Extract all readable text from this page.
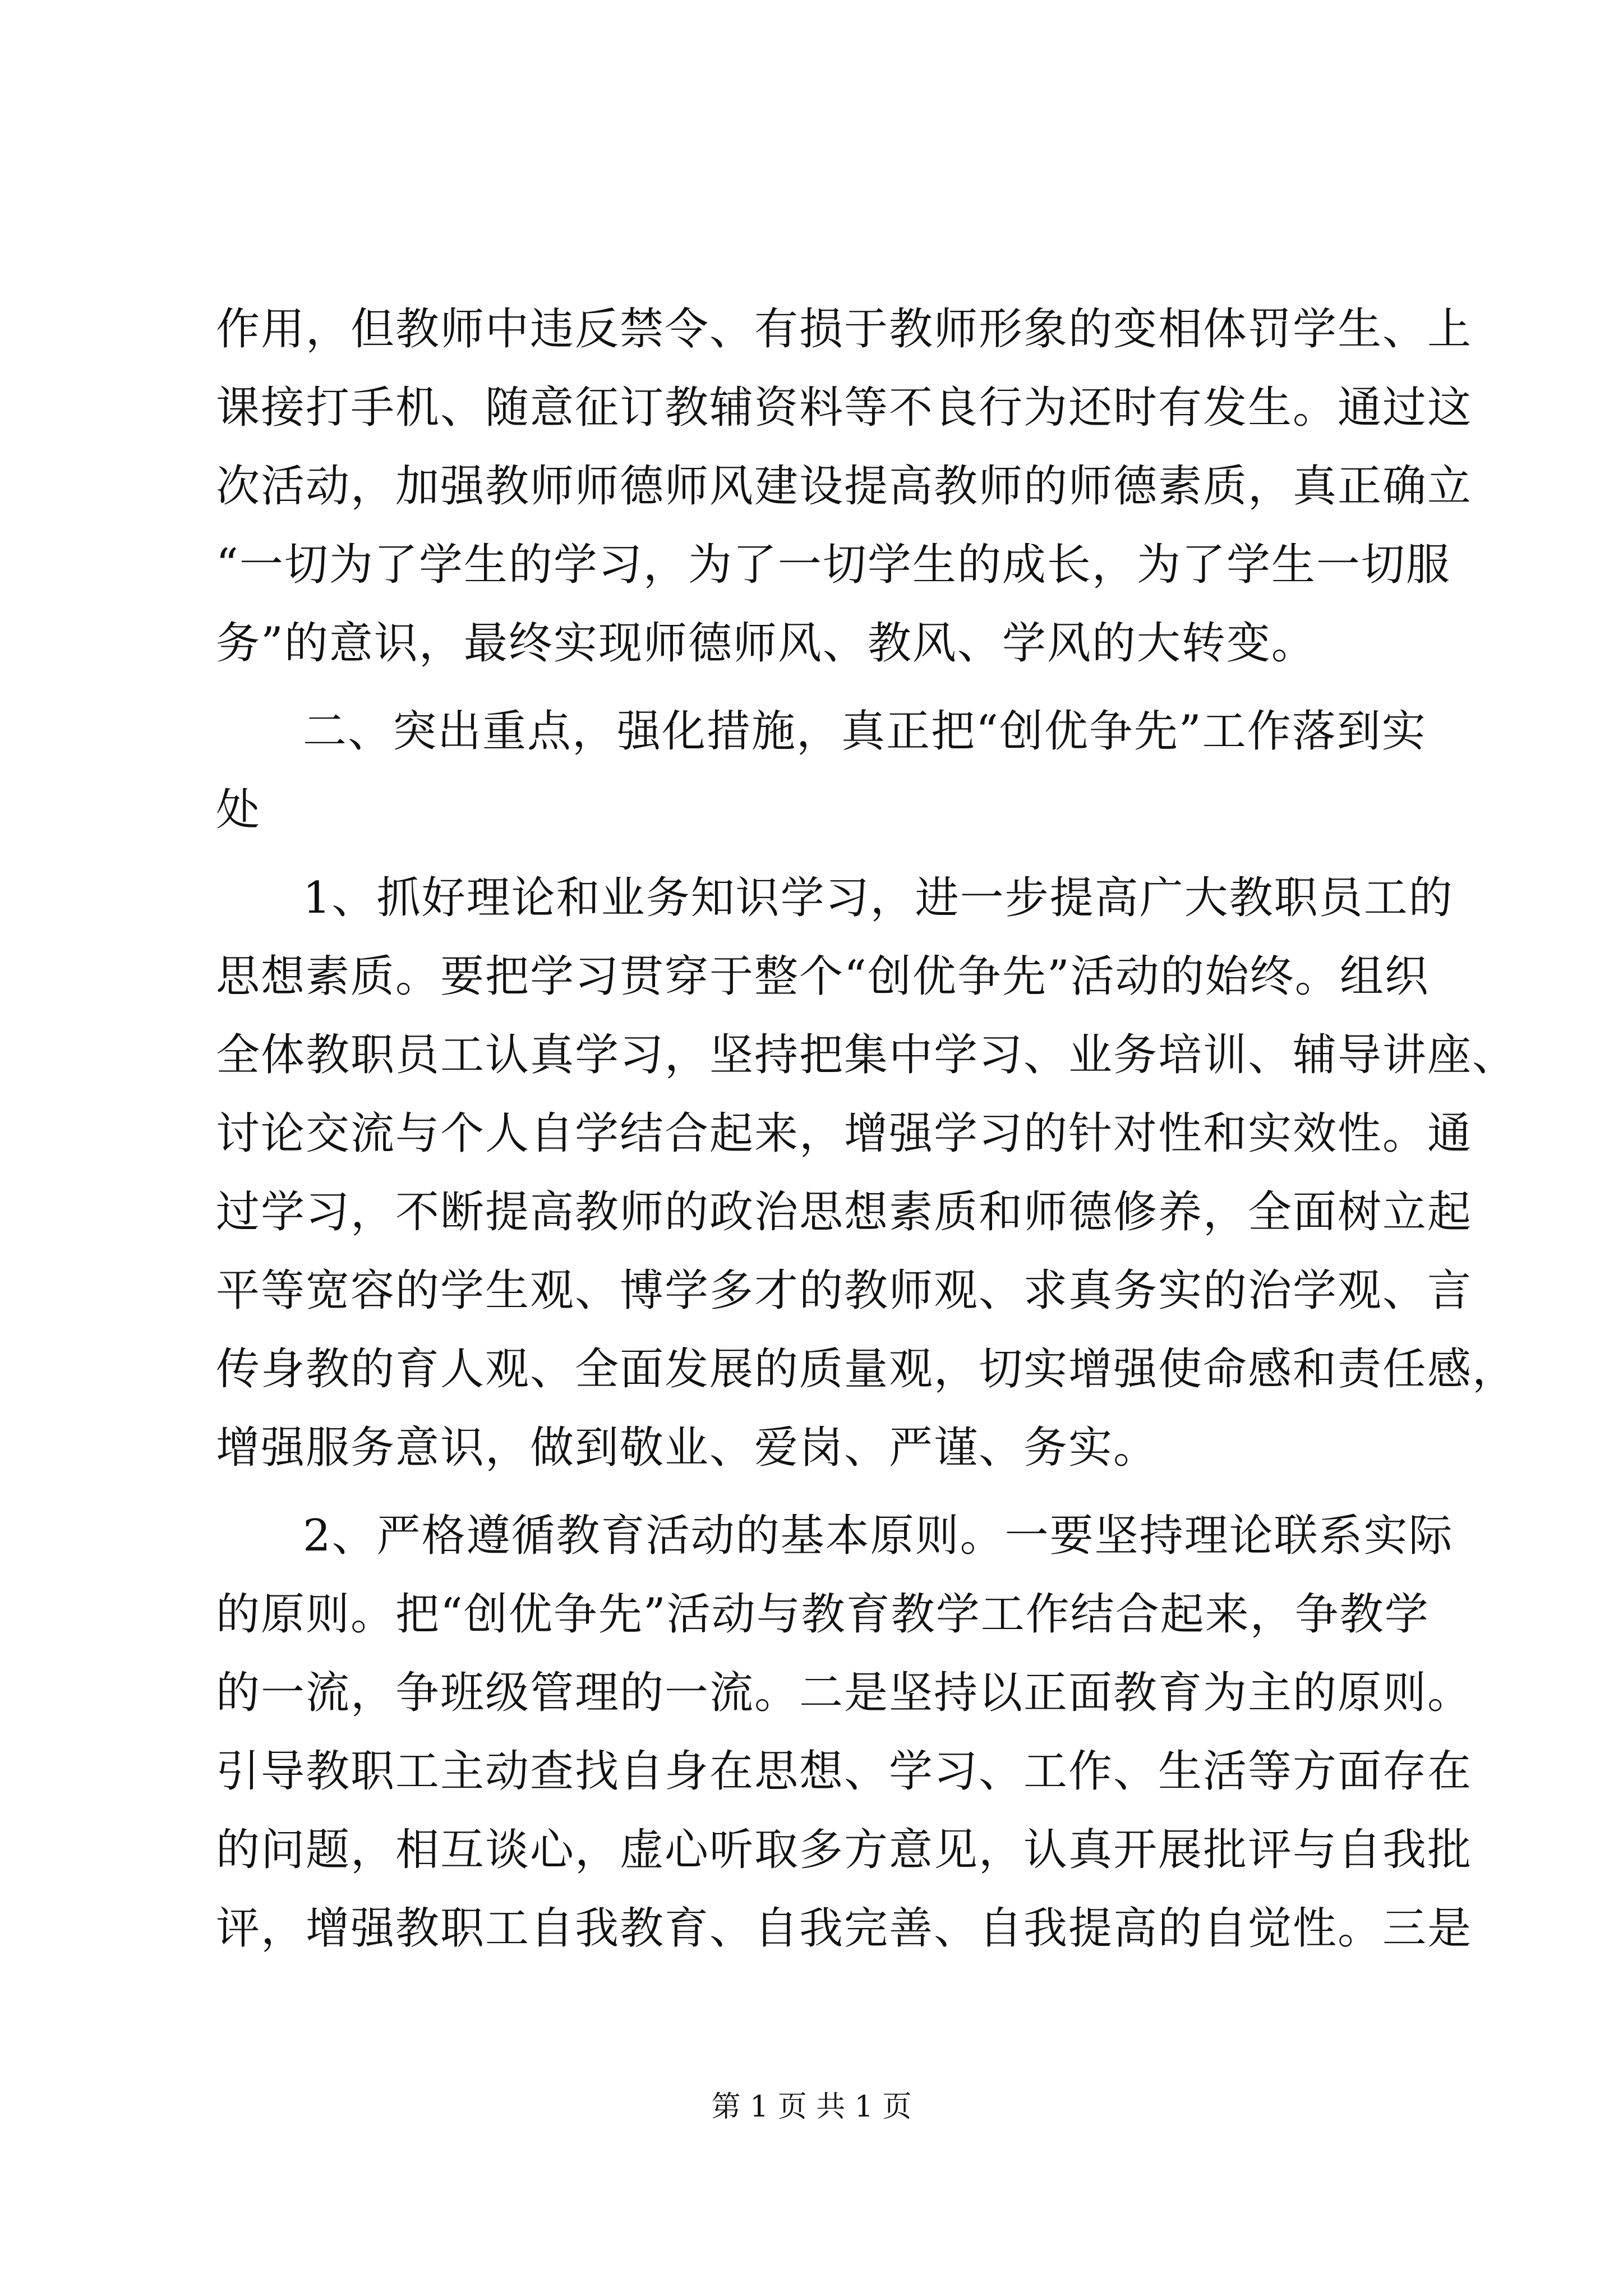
作用，但教师中违反禁令、有损于教师形象的变相体罚学生、上
课接打手机、随意征订教辅资料等不良行为还时有发生。通过这
次活动，加强教师师德师风建设提高教师的师德素质，真正确立
“一切为了学生的学习，为了一切学生的成长，为了学生一切服
务”的意识，最终实现师德师风、教风、学风的大转变。
二、突出重点，强化措施，真正把“创优争先”工作落到实
处
1、抓好理论和业务知识学习，进一步提高广大教职员工的
思想素质。要把学习贯穿于整个“创优争先”活动的始终。组织
全体教职员工认真学习，坚持把集中学习、业务培训、辅导讲座、
讨论交流与个人自学结合起来，增强学习的针对性和实效性。通
过学习，不断提高教师的政治思想素质和师德修养，全面树立起
平等宽容的学生观、博学多才的教师观、求真务实的治学观、言
传身教的育人观、全面发展的质量观，切实增强使命感和责任感，
增强服务意识，做到敬业、爱岗、严谨、务实。
2、严格遵循教育活动的基本原则。一要坚持理论联系实际
的原则。把“创优争先”活动与教育教学工作结合起来，争教学
的一流，争班级管理的一流。二是坚持以正面教育为主的原则。
引导教职工主动查找自身在思想、学习、工作、生活等方面存在
的问题，相互谈心，虚心听取多方意见，认真开展批评与自我批
评，增强教职工自我教育、自我完善、自我提高的自觉性。三是
第 1 页 共 1 页
